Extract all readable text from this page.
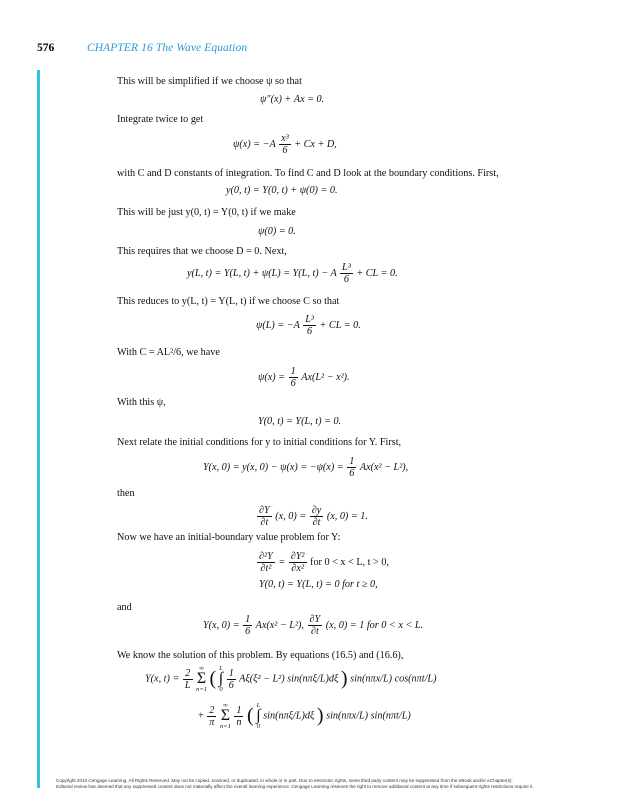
576	CHAPTER 16 The Wave Equation
This will be simplified if we choose ψ so that
ψ″(x) + Ax = 0.
Integrate twice to get
$\psi(x) = -A \frac{\text{x³}}{6} + Cx + D$,
with C and D constants of integration. To find C and D look at the boundary conditions. First,
y(0, t) = Y(0, t) + ψ(0) = 0.
This will be just y(0, t) = Y(0, t) if we make
ψ(0) = 0.
This requires that we choose D = 0. Next,
y(L, t) = Y(L, t) + ψ(L) = Y(L, t) − A $\frac{\text{L³}}{6}$ + CL = 0.
This reduces to y(L, t) = Y(L, t) if we choose C so that
$\psi(L) = -A \frac{\text{L³}}{6}$ + CL = 0.
With C = AL²/6, we have
$\psi(x) = \frac{1}{6} Ax(L^2 - x^2)$.
With this ψ,
Y(0, t) = Y(L, t) = 0.
Next relate the initial conditions for y to initial conditions for Y. First,
Y(x, 0) = y(x, $0) - \psi(x) = -\psi(x) = \frac{1}{6} Ax(x^2 - L^2)$,
then
$\frac{\partial Y}{\partial t} (x$, $0) = \frac{\partial y}{\partial t} (x$, 0) = 1.
Now we have an initial-boundary value problem for Y:
$\frac{\text{∂²Y}}{\text{∂t²}} = \frac{\text{∂Y²}}{\text{∂x²}}$ for 0 < x < L, t > 0,
Y(0, t) = Y(L, t) = 0 for t ≥ 0,
and
Y(x, $0) = \frac{1}{6} Ax(x^2 - L^2)$, $\frac{\partial Y}{\partial t} (x$, 0) = 1 for 0 < x < L.
We know the solution of this problem. By equations (16.5) and (16.6),
Y(x, $t) = \frac{2}{L}$
	∞
Σ
n=1 ( L
∫
0
$\frac{1}{6} A\xi(\xi^2 - L^2)$ sin(nπξ/L)dξ ) sin(nπx/L) cos(nπt/L)
+ $\frac{2}{\pi}$
	∞
Σ
n=1
$\frac{1}{n}$ ( L
∫
0
sin(nπξ/L)dξ ) sin(nπx/L) sin(nπt/L)
Copyright 2010 Cengage Learning. All Rights Reserved. May not be copied, scanned, or duplicated, in whole or in part. Due to electronic rights, some third party content may be suppressed from the eBook and/or eChapter(s).
Editorial review has deemed that any suppressed content does not materially affect the overall learning experience. Cengage Learning reserves the right to remove additional content at any time if subsequent rights restrictions require it.
